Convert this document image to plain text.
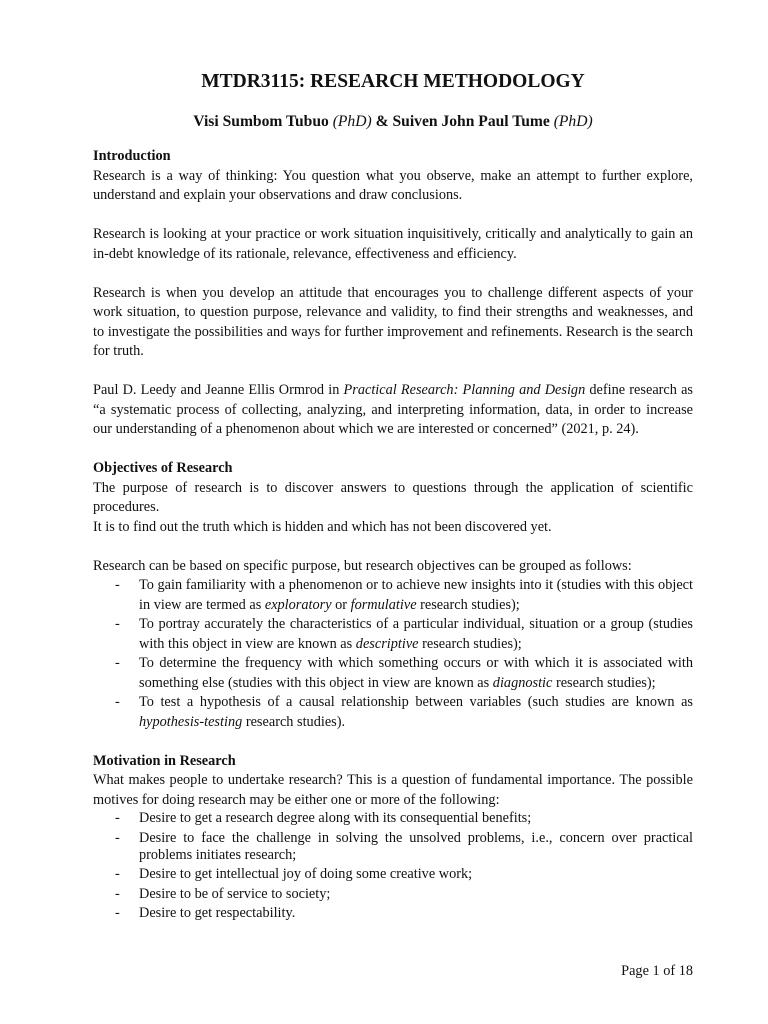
MTDR3115: RESEARCH METHODOLOGY
Visi Sumbom Tubuo (PhD) & Suiven John Paul Tume (PhD)
Introduction

Research is a way of thinking: You question what you observe, make an attempt to further explore, understand and explain your observations and draw conclusions.

Research is looking at your practice or work situation inquisitively, critically and analytically to gain an in-debt knowledge of its rationale, relevance, effectiveness and efficiency.

Research is when you develop an attitude that encourages you to challenge different aspects of your work situation, to question purpose, relevance and validity, to find their strengths and weaknesses, and to investigate the possibilities and ways for further improvement and refinements. Research is the search for truth.

Paul D. Leedy and Jeanne Ellis Ormrod in Practical Research: Planning and Design define research as “a systematic process of collecting, analyzing, and interpreting information, data, in order to increase our understanding of a phenomenon about which we are interested or concerned” (2021, p. 24).

Objectives of Research

The purpose of research is to discover answers to questions through the application of scientific procedures.

It is to find out the truth which is hidden and which has not been discovered yet.

Research can be based on specific purpose, but research objectives can be grouped as follows:

- To gain familiarity with a phenomenon or to achieve new insights into it (studies with this object in view are termed as exploratory or formulative research studies);
- To portray accurately the characteristics of a particular individual, situation or a group (studies with this object in view are known as descriptive research studies);
- To determine the frequency with which something occurs or with which it is associated with something else (studies with this object in view are known as diagnostic research studies);
- To test a hypothesis of a causal relationship between variables (such studies are known as hypothesis-testing research studies).
Motivation in Research

What makes people to undertake research? This is a question of fundamental importance. The possible motives for doing research may be either one or more of the following:

- Desire to get a research degree along with its consequential benefits;
- Desire to face the challenge in solving the unsolved problems, i.e., concern over practical problems initiates research;
- Desire to get intellectual joy of doing some creative work;
- Desire to be of service to society;
- Desire to get respectability.
Page 1 of 18
